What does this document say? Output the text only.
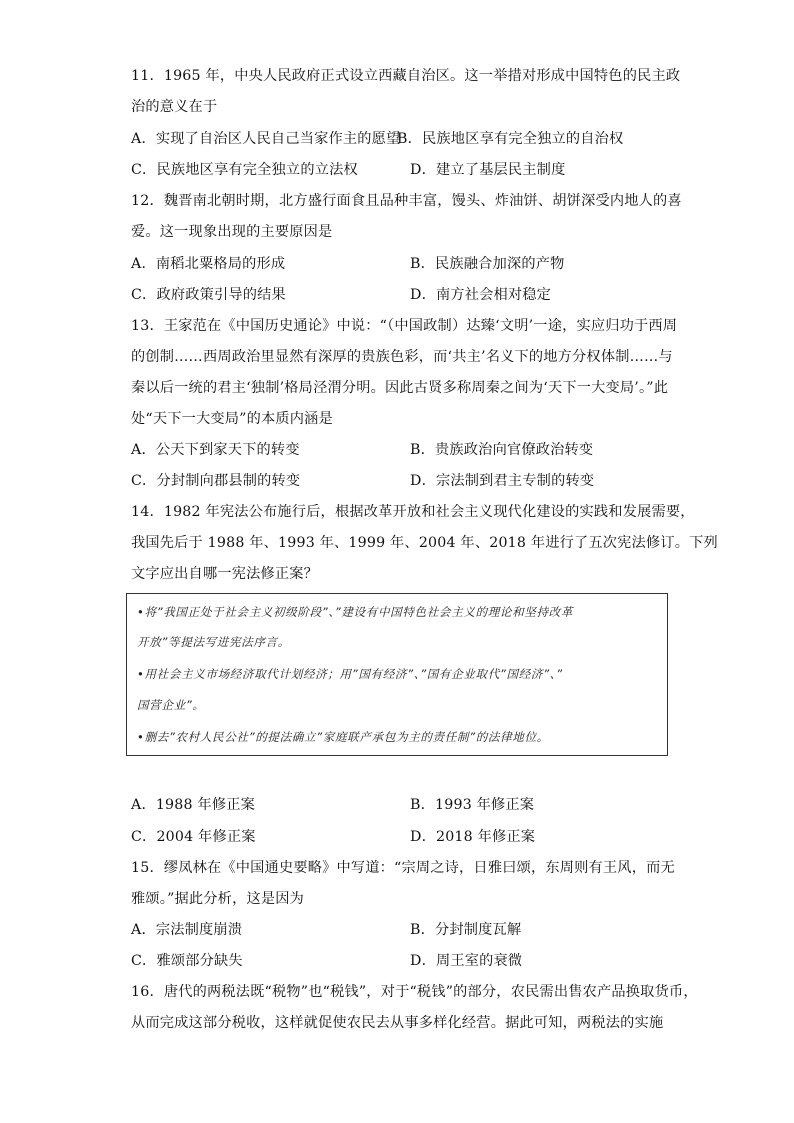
11．1965 年，中央人民政府正式设立西藏自治区。这一举措对形成中国特色的民主政
治的意义在于
A．实现了自治区人民自己当家作主的愿望
B．民族地区享有完全独立的自治权
C．民族地区享有完全独立的立法权	D．建立了基层民主制度
12．魏晋南北朝时期，北方盛行面食且品种丰富，馒头、炸油饼、胡饼深受内地人的喜
爱。这一现象出现的主要原因是
A．南稻北粟格局的形成	B．民族融合加深的产物
C．政府政策引导的结果	D．南方社会相对稳定
13．王家范在《中国历史通论》中说：“（中国政制）达臻‘文明’一途，实应归功于西周
的创制……西周政治里显然有深厚的贵族色彩，而‘共主’名义下的地方分权体制……与
秦以后一统的君主‘独制’格局泾渭分明。因此古贤多称周秦之间为‘天下一大变局’。”此
处“天下一大变局”的本质内涵是
A．公天下到家天下的转变	B．贵族政治向官僚政治转变
C．分封制向郡县制的转变	D．宗法制到君主专制的转变
14．1982 年宪法公布施行后，根据改革开放和社会主义现代化建设的实践和发展需要，
我国先后于 1988 年、1993 年、1999 年、2004 年、2018 年进行了五次宪法修订。下列
文字应出自哪一宪法修正案？
•将”我国正处于社会主义初级阶段”、”建设有中国特色社会主义的理论和坚持改革
开放”等提法写进宪法序言。
•用社会主义市场经济取代计划经济；用”国有经济”、”国有企业取代”国经济”、”
国营企业”。
•删去”农村人民公社”的提法确立”家庭联产承包为主的责任制”的法律地位。
A．1988 年修正案	B．1993 年修正案
C．2004 年修正案	D．2018 年修正案
15．缪凤林在《中国通史要略》中写道：“宗周之诗，日雅曰颂，东周则有王风，而无
雅颂。”据此分析，这是因为
A．宗法制度崩溃	B．分封制度瓦解
C．雅颂部分缺失	D．周王室的衰微
16．唐代的两税法既“税物”也“税钱”，对于“税钱”的部分，农民需出售农产品换取货币，
从而完成这部分税收，这样就促使农民去从事多样化经营。据此可知，两税法的实施
